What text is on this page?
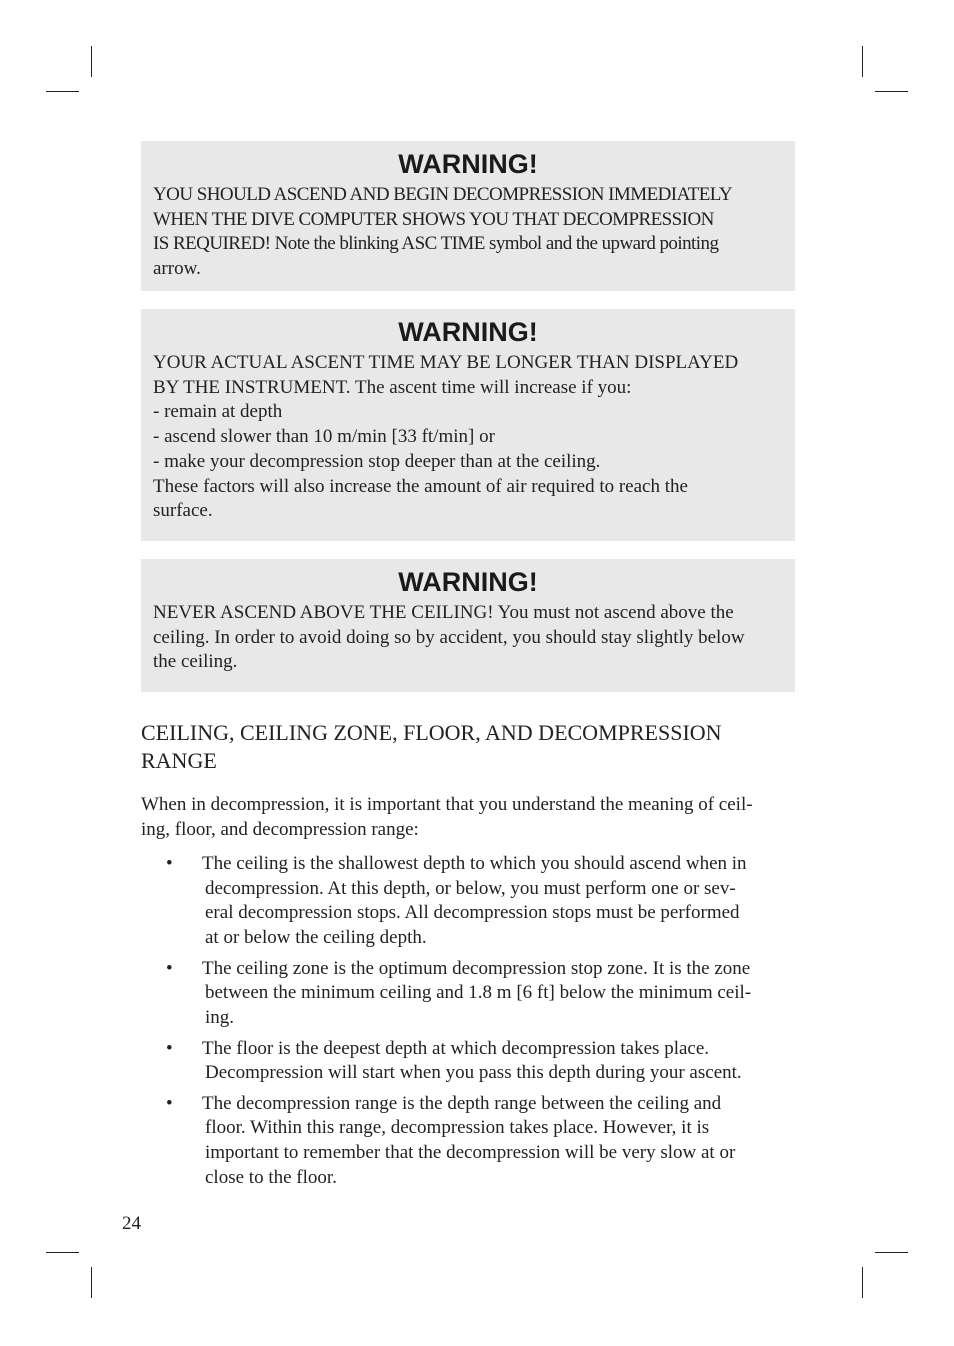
WARNING!
YOU SHOULD ASCEND AND BEGIN DECOMPRESSION IMMEDIATELY
WHEN THE DIVE COMPUTER SHOWS YOU THAT DECOMPRESSION
IS REQUIRED! Note the blinking ASC TIME symbol and the upward pointing
arrow.
WARNING!
YOUR ACTUAL ASCENT TIME MAY BE LONGER THAN DISPLAYED
BY THE INSTRUMENT. The ascent time will increase if you:
- remain at depth
- ascend slower than 10 m/min [33 ft/min] or
- make your decompression stop deeper than at the ceiling.
These factors will also increase the amount of air required to reach the
surface.
WARNING!
NEVER ASCEND ABOVE THE CEILING! You must not ascend above the
ceiling. In order to avoid doing so by accident, you should stay slightly below
the ceiling.
CEILING, CEILING ZONE, FLOOR, AND DECOMPRESSION
RANGE
When in decompression, it is important that you understand the meaning of ceil-
ing, floor, and decompression range:
•	The ceiling is the shallowest depth to which you should ascend when in
decompression. At this depth, or below, you must perform one or sev-
eral decompression stops. All decompression stops must be performed
at or below the ceiling depth.
•	The ceiling zone is the optimum decompression stop zone. It is the zone
between the minimum ceiling and 1.8 m [6 ft] below the minimum ceil-
ing.
•	The floor is the deepest depth at which decompression takes place.
Decompression will start when you pass this depth during your ascent.
•	The decompression range is the depth range between the ceiling and
floor. Within this range, decompression takes place. However, it is
important to remember that the decompression will be very slow at or
close to the floor.
24
